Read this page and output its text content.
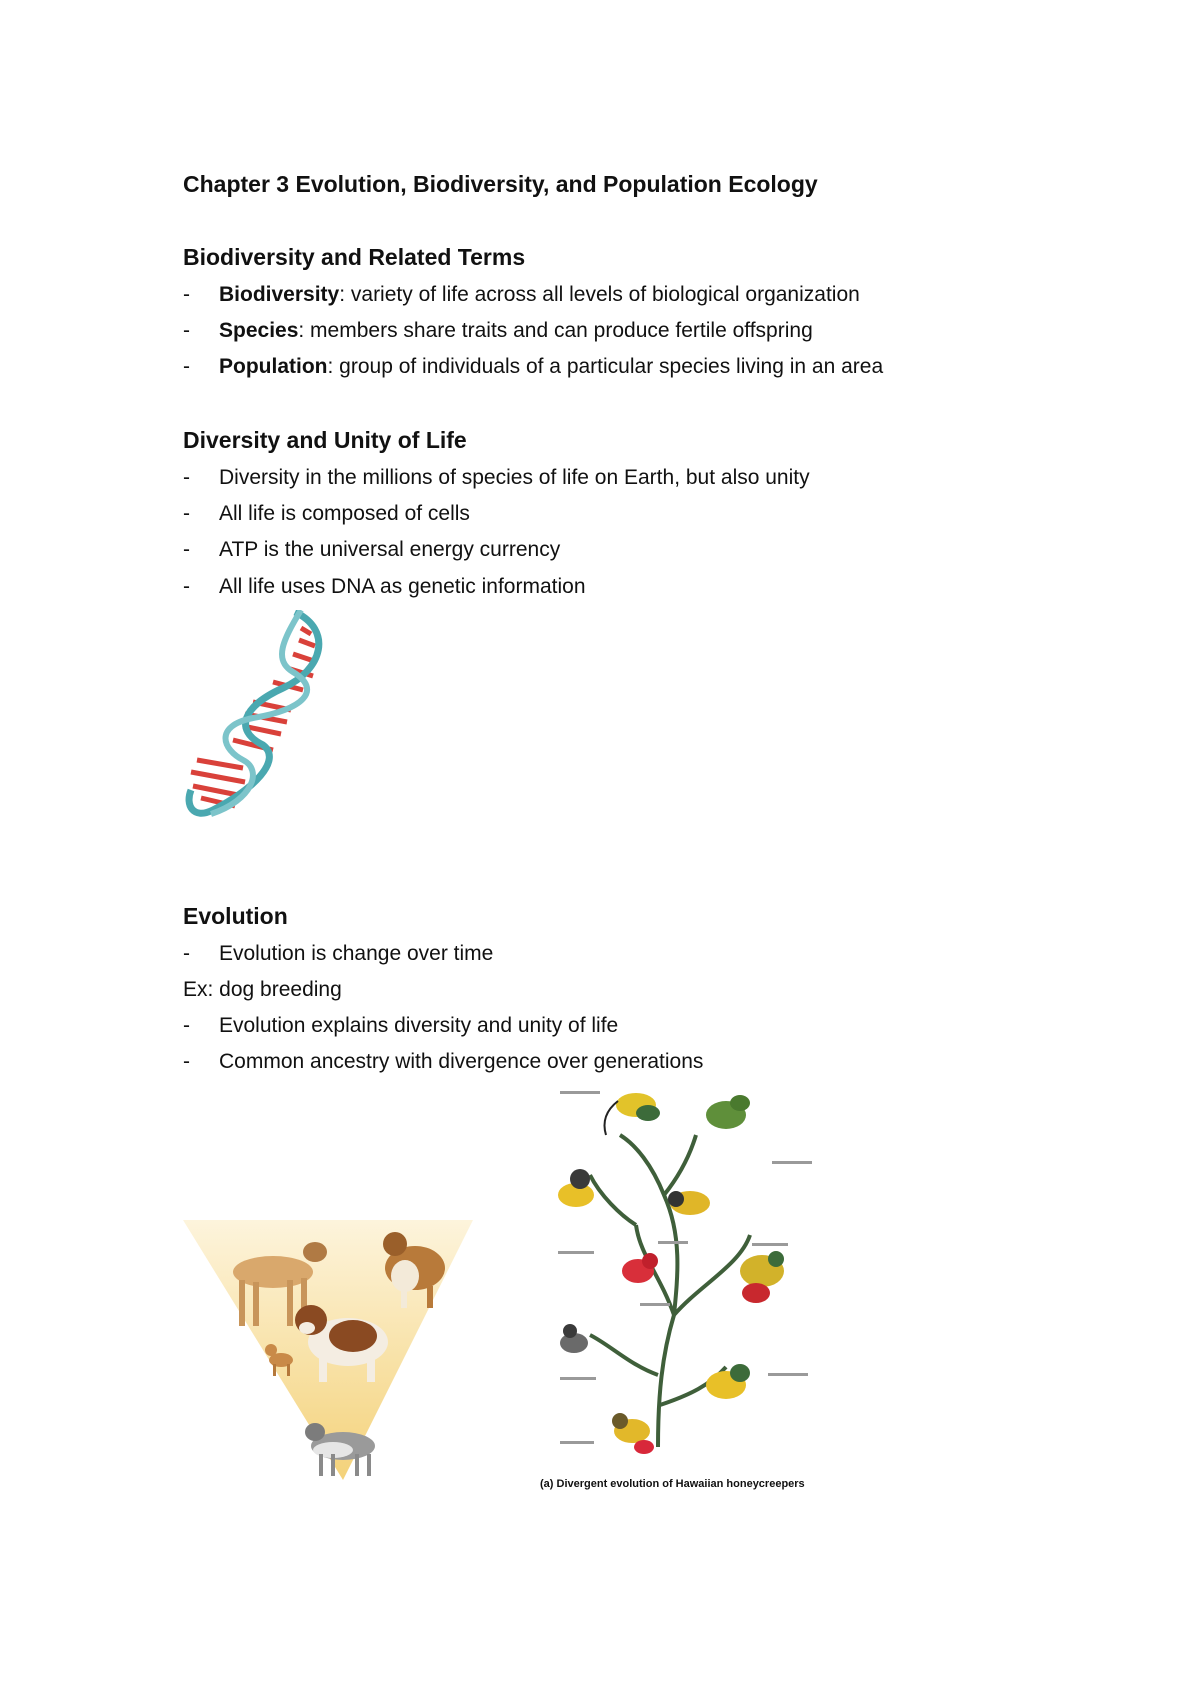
Chapter 3 Evolution, Biodiversity, and Population Ecology
Biodiversity and Related Terms
- Biodiversity: variety of life across all levels of biological organization
- Species: members share traits and can produce fertile offspring
- Population: group of individuals of a particular species living in an area
Diversity and Unity of Life
- Diversity in the millions of species of life on Earth, but also unity
- All life is composed of cells
- ATP is the universal energy currency
- All life uses DNA as genetic information
Evolution
- Evolution is change over time
Ex: dog breeding
- Evolution explains diversity and unity of life
- Common ancestry with divergence over generations
(a) Divergent evolution of Hawaiian honeycreepers
